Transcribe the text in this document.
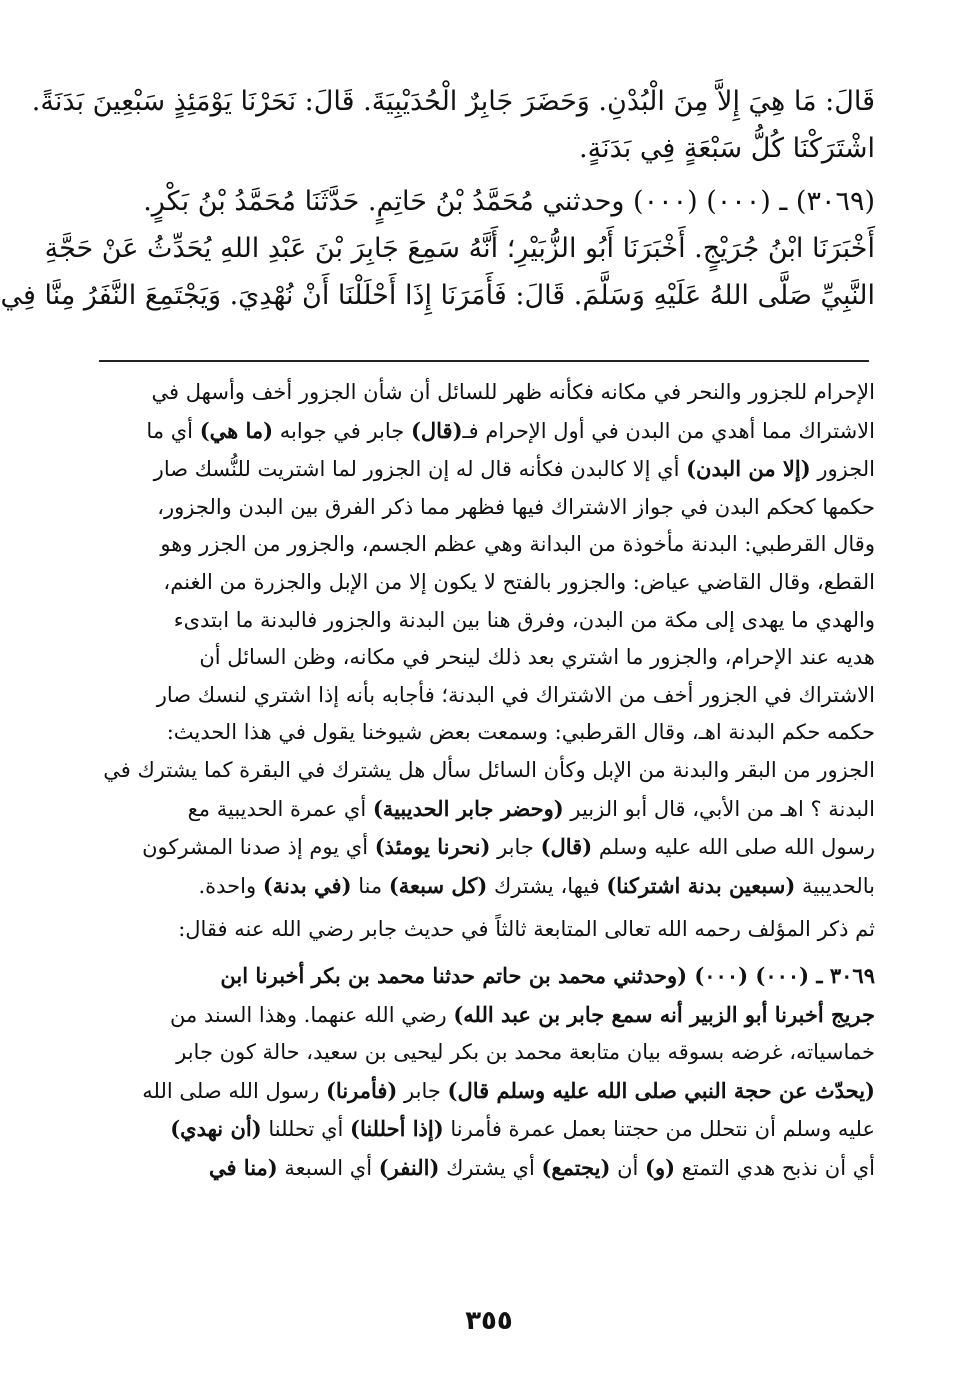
قَالَ: مَا هِيَ إِلاَّ مِنَ الْبُدْنِ. وَحَضَرَ جَابِرٌ الْحُدَيْبِيَةَ. قَالَ: نَحَرْنَا يَوْمَئِذٍ سَبْعِينَ بَدَنَةً.
اشْتَرَكْنَا كُلُّ سَبْعَةٍ فِي بَدَنَةٍ.
(٣٠٦٩) ـ (٠٠٠) (٠٠٠) وحدثني مُحَمَّدُ بْنُ حَاتِمٍ. حَدَّثَنَا مُحَمَّدُ بْنُ بَكْرٍ.
أَخْبَرَنَا ابْنُ جُرَيْجٍ. أَخْبَرَنَا أَبُو الزُّبَيْرِ؛ أَنَّهُ سَمِعَ جَابِرَ بْنَ عَبْدِ اللهِ يُحَدِّثُ عَنْ حَجَّةِ
النَّبِيِّ صَلَّى اللهُ عَلَيْهِ وَسَلَّمَ. قَالَ: فَأَمَرَنَا إِذَا أَحْلَلْنَا أَنْ نُهْدِيَ. وَيَجْتَمِعَ النَّفَرُ مِنَّا فِي
الإحرام للجزور والنحر في مكانه فكأنه ظهر للسائل أن شأن الجزور أخف وأسهل في
الاشتراك مما أهدي من البدن في أول الإحرام فـ(قال) جابر في جوابه (ما هي) أي ما
الجزور (إلا من البدن) أي إلا كالبدن فكأنه قال له إن الجزور لما اشتريت للنُّسك صار
حكمها كحكم البدن في جواز الاشتراك فيها فظهر مما ذكر الفرق بين البدن والجزور،
وقال القرطبي: البدنة مأخوذة من البدانة وهي عظم الجسم، والجزور من الجزر وهو
القطع، وقال القاضي عياض: والجزور بالفتح لا يكون إلا من الإبل والجزرة من الغنم،
والهدي ما يهدى إلى مكة من البدن، وفرق هنا بين البدنة والجزور فالبدنة ما ابتدىء
هديه عند الإحرام، والجزور ما اشتري بعد ذلك لينحر في مكانه، وظن السائل أن
الاشتراك في الجزور أخف من الاشتراك في البدنة؛ فأجابه بأنه إذا اشتري لنسك صار
حكمه حكم البدنة اهـ، وقال القرطبي: وسمعت بعض شيوخنا يقول في هذا الحديث:
الجزور من البقر والبدنة من الإبل وكأن السائل سأل هل يشترك في البقرة كما يشترك في
البدنة ؟ اهـ من الأبي، قال أبو الزبير (وحضر جابر الحديبية) أي عمرة الحديبية مع
رسول الله صلى الله عليه وسلم (قال) جابر (نحرنا يومئذ) أي يوم إذ صدنا المشركون
بالحديبية (سبعين بدنة اشتركنا) فيها، يشترك (كل سبعة) منا (في بدنة) واحدة.
ثم ذكر المؤلف رحمه الله تعالى المتابعة ثالثاً في حديث جابر رضي الله عنه فقال:
٣٠٦٩ ـ (٠٠٠) (٠٠٠) (وحدثني محمد بن حاتم حدثنا محمد بن بكر أخبرنا ابن
جريج أخبرنا أبو الزبير أنه سمع جابر بن عبد الله) رضي الله عنهما. وهذا السند من
خماسياته، غرضه بسوقه بيان متابعة محمد بن بكر ليحيى بن سعيد، حالة كون جابر
(يحدّث عن حجة النبي صلى الله عليه وسلم قال) جابر (فأمرنا) رسول الله صلى الله
عليه وسلم أن نتحلل من حجتنا بعمل عمرة فأمرنا (إذا أحللنا) أي تحللنا (أن نهدي)
أي أن نذبح هدي التمتع (و) أن (يجتمع) أي يشترك (النفر) أي السبعة (منا في
٣٥٥
